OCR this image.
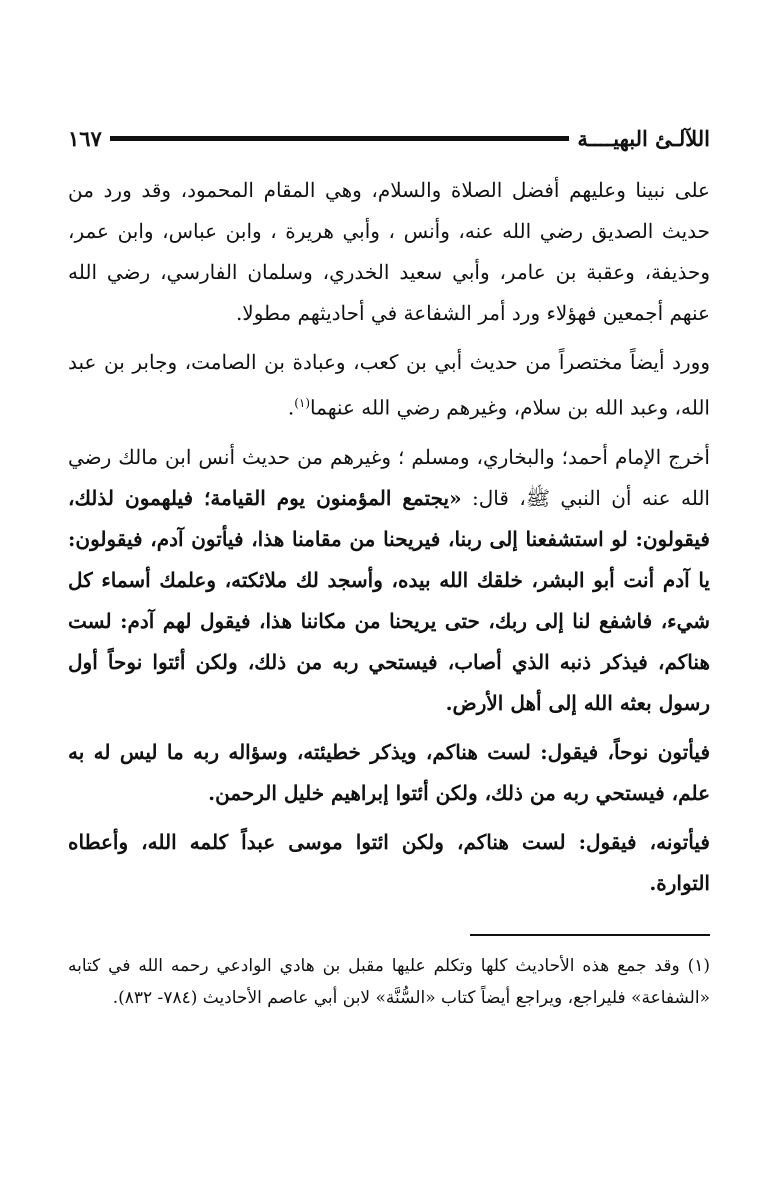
اللآلـئ البهيــــة
١٦٧

على نبينا وعليهم أفضل الصلاة والسلام، وهي المقام المحمود، وقد ورد من حديث الصديق رضي الله عنه، وأنس ، وأبي هريرة ، وابن عباس، وابن عمر، وحذيفة، وعقبة بن عامر، وأبي سعيد الخدري، وسلمان الفارسي، رضي الله عنهم أجمعين فهؤلاء ورد أمر الشفاعة في أحاديثهم مطولا.

وورد أيضاً مختصراً من حديث أبي بن كعب، وعبادة بن الصامت، وجابر بن عبد الله، وعبد الله بن سلام، وغيرهم رضي الله عنهما$^{(١)}$.

أخرج الإمام أحمد؛ والبخاري، ومسلم ؛ وغيرهم من حديث أنس ابن مالك رضي الله عنه أن النبي ﷺ، قال: «يجتمع المؤمنون يوم القيامة؛ فيلهمون لذلك، فيقولون: لو استشفعنا إلى ربنا، فيريحنا من مقامنا هذا، فيأتون آدم، فيقولون: يا آدم أنت أبو البشر، خلقك الله بيده، وأسجد لك ملائكته، وعلمك أسماء كل شيء، فاشفع لنا إلى ربك، حتى يريحنا من مكاننا هذا، فيقول لهم آدم: لست هناكم، فيذكر ذنبه الذي أصاب، فيستحي ربه من ذلك، ولكن أئتوا نوحاً أول رسول بعثه الله إلى أهل الأرض.

فيأتون نوحاً، فيقول: لست هناكم، ويذكر خطيئته، وسؤاله ربه ما ليس له به علم، فيستحي ربه من ذلك، ولكن أئتوا إبراهيم خليل الرحمن.

فيأتونه، فيقول: لست هناكم، ولكن ائتوا موسى عبداً كلمه الله، وأعطاه التوارة.

(١) وقد جمع هذه الأحاديث كلها وتكلم عليها مقبل بن هادي الوادعي رحمه الله في كتابه «الشفاعة» فليراجع، ويراجع أيضاً كتاب «السُّنَّة» لابن أبي عاصم الأحاديث (٧٨٤- ٨٣٢).
